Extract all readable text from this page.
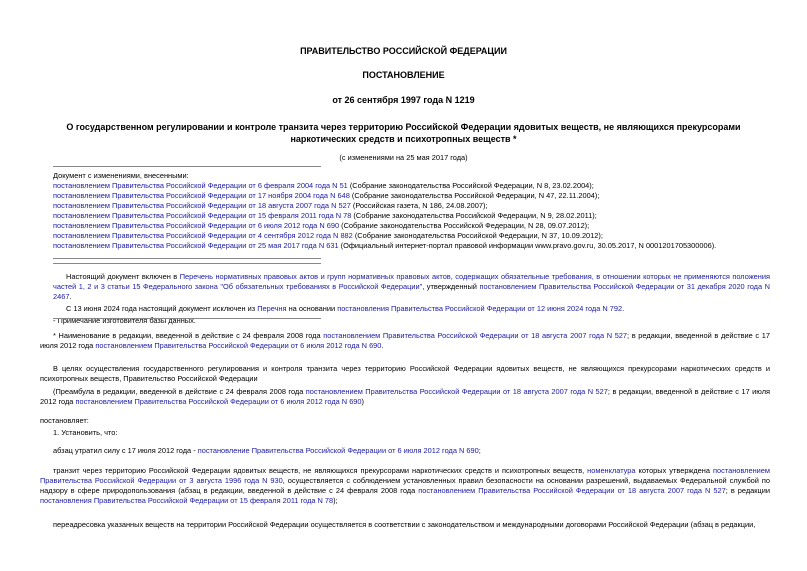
ПРАВИТЕЛЬСТВО РОССИЙСКОЙ ФЕДЕРАЦИИ
ПОСТАНОВЛЕНИЕ
от 26 сентября 1997 года N 1219
О государственном регулировании и контроле транзита через территорию Российской Федерации ядовитых веществ, не являющихся прекурсорами наркотических средств и психотропных веществ *
(с изменениями на 25 мая 2017 года)
Документ с изменениями, внесенными:
постановлением Правительства Российской Федерации от 6 февраля 2004 года N 51 (Собрание законодательства Российской Федерации, N 8, 23.02.2004);
постановлением Правительства Российской Федерации от 17 ноября 2004 года N 648 (Собрание законодательства Российской Федерации, N 47, 22.11.2004);
постановлением Правительства Российской Федерации от 18 августа 2007 года N 527 (Российская газета, N 186, 24.08.2007);
постановлением Правительства Российской Федерации от 15 февраля 2011 года N 78 (Собрание законодательства Российской Федерации, N 9, 28.02.2011);
постановлением Правительства Российской Федерации от 6 июля 2012 года N 690 (Собрание законодательства Российской Федерации, N 28, 09.07.2012);
постановлением Правительства Российской Федерации от 4 сентября 2012 года N 882 (Собрание законодательства Российской Федерации, N 37, 10.09.2012);
постановлением Правительства Российской Федерации от 25 мая 2017 года N 631 (Официальный интернет-портал правовой информации www.pravo.gov.ru, 30.05.2017, N 0001201705300006).

Настоящий документ включен в Перечень нормативных правовых актов и групп нормативных правовых актов, содержащих обязательные требования, в отношении которых не применяются положения частей 1, 2 и 3 статьи 15 Федерального закона "Об обязательных требованиях в Российской Федерации", утвержденный постановлением Правительства Российской Федерации от 31 декабря 2020 года N 2467.

С 13 июня 2024 года настоящий документ исключен из Перечня на основании постановления Правительства Российской Федерации от 12 июня 2024 года N 792.

- Примечание изготовителя базы данных.

* Наименование в редакции, введенной в действие с 24 февраля 2008 года постановлением Правительства Российской Федерации от 18 августа 2007 года N 527; в редакции, введенной в действие с 17 июля 2012 года постановлением Правительства Российской Федерации от 6 июля 2012 года N 690.

В целях осуществления государственного регулирования и контроля транзита через территорию Российской Федерации ядовитых веществ, не являющихся прекурсорами наркотических средств и психотропных веществ, Правительство Российской Федерации

(Преамбула в редакции, введенной в действие с 24 февраля 2008 года постановлением Правительства Российской Федерации от 18 августа 2007 года N 527; в редакции, введенной в действие с 17 июля 2012 года постановлением Правительства Российской Федерации от 6 июля 2012 года N 690)

постановляет:
1. Установить, что:
абзац утратил силу с 17 июля 2012 года - постановление Правительства Российской Федерации от 6 июля 2012 года N 690;

транзит через территорию Российской Федерации ядовитых веществ, не являющихся прекурсорами наркотических средств и психотропных веществ, номенклатура которых утверждена постановлением Правительства Российской Федерации от 3 августа 1996 года N 930, осуществляется с соблюдением установленных правил безопасности на основании разрешений, выдаваемых Федеральной службой по надзору в сфере природопользования (абзац в редакции, введенной в действие с 24 февраля 2008 года постановлением Правительства Российской Федерации от 18 августа 2007 года N 527; в редакции постановления Правительства Российской Федерации от 15 февраля 2011 года N 78);

переадресовка указанных веществ на территории Российской Федерации осуществляется в соответствии с законодательством и международными договорами Российской Федерации (абзац в редакции,
